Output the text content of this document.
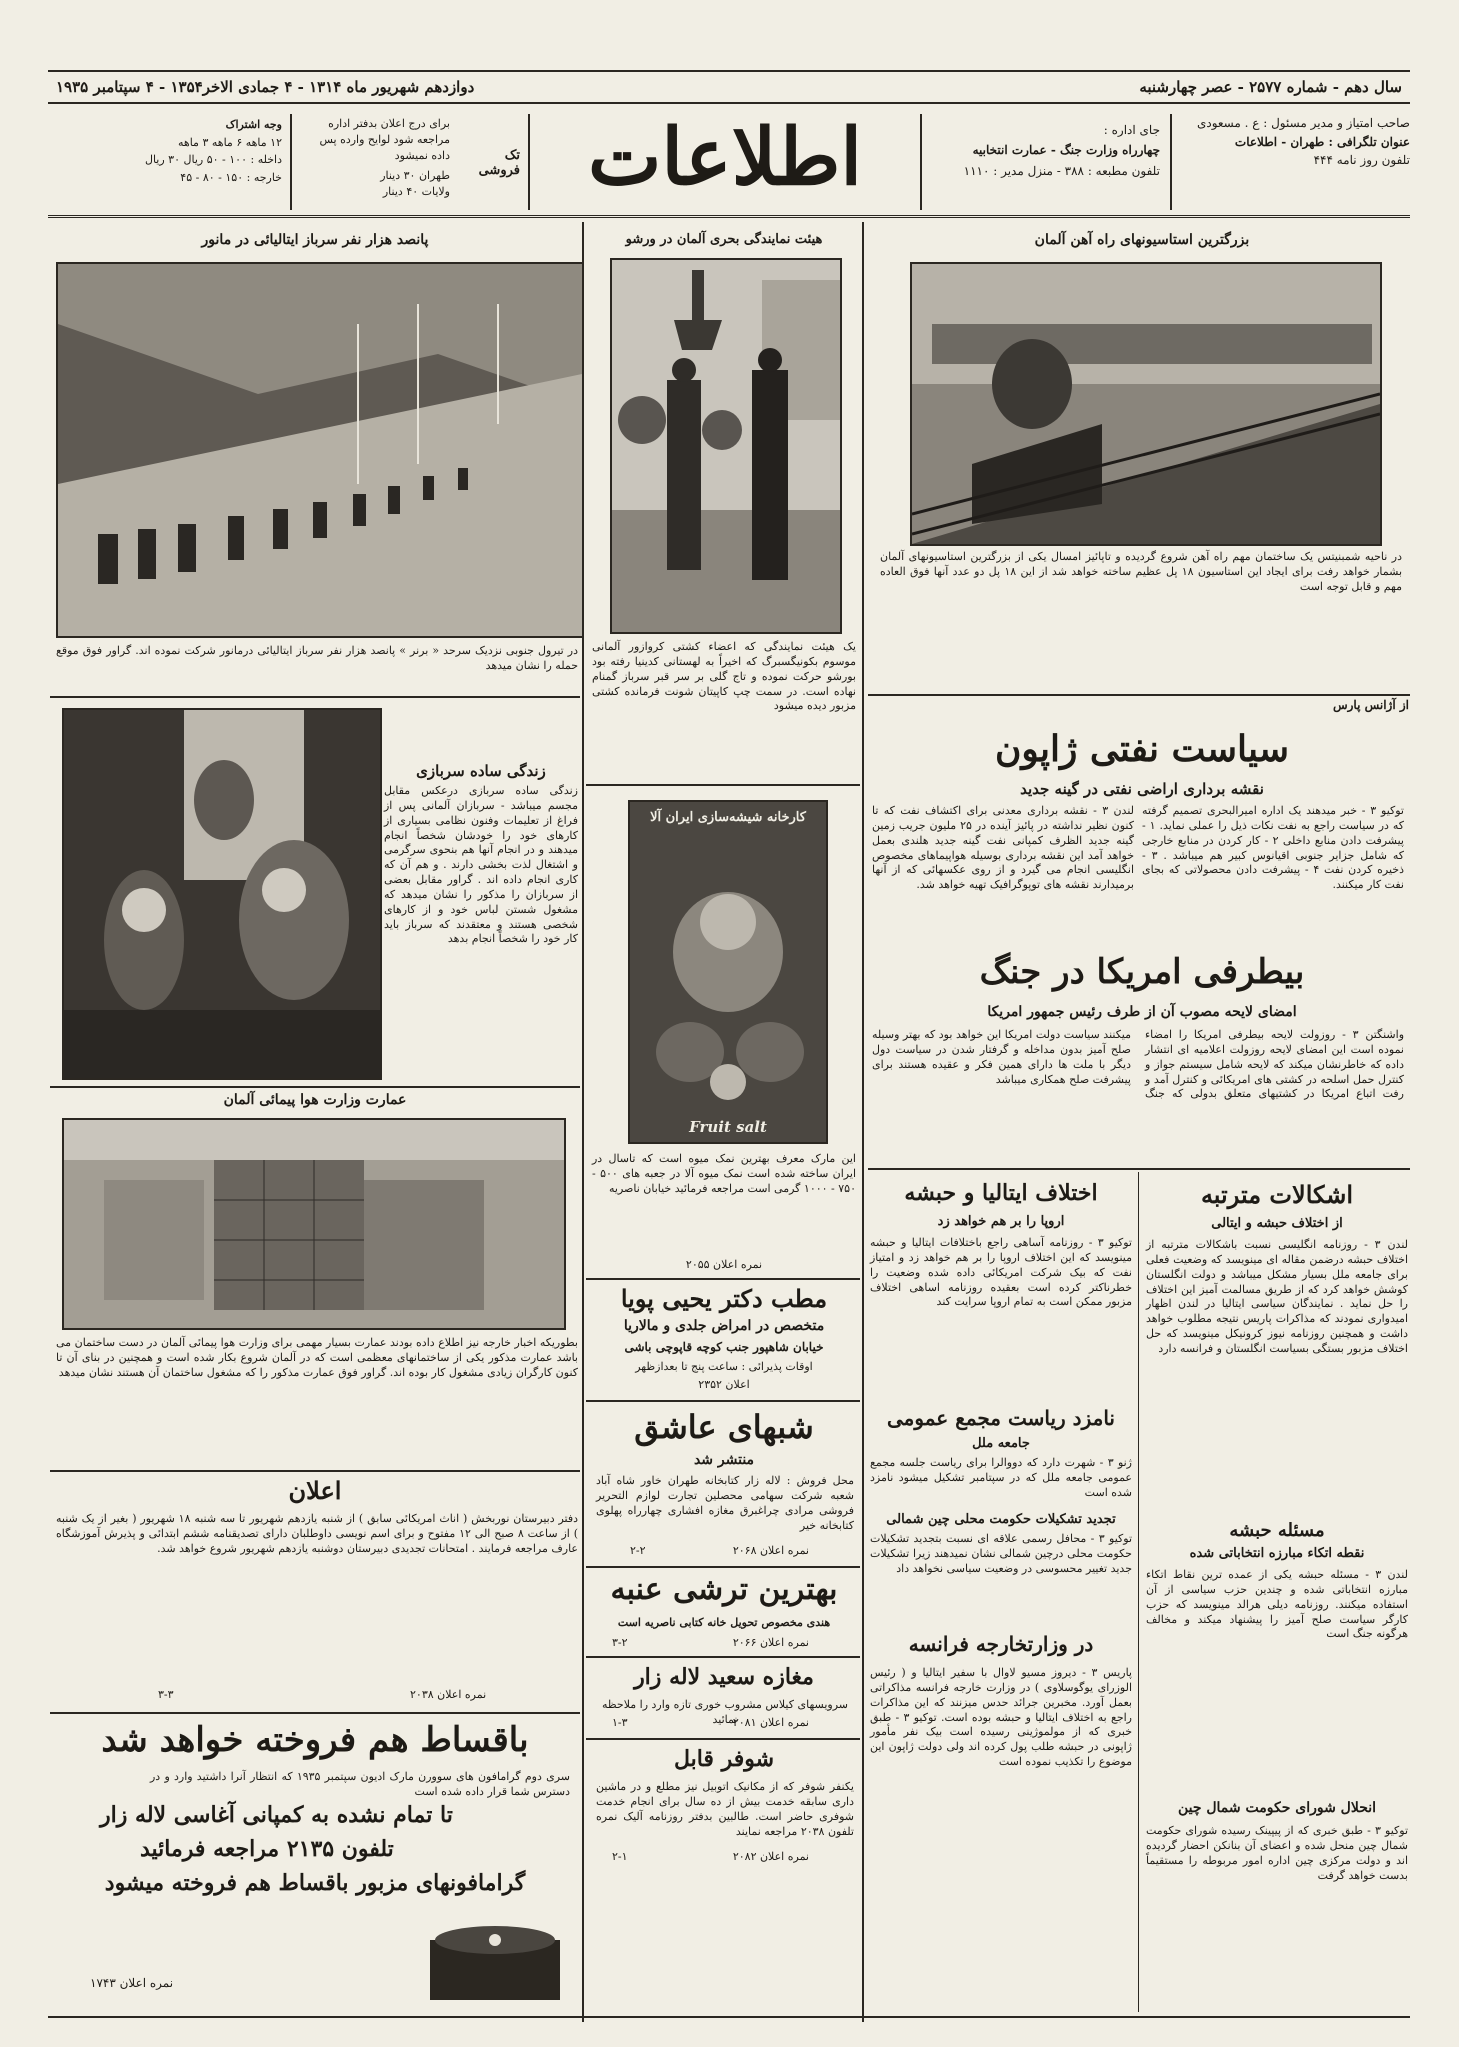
سال دهم - شماره ۲۵۷۷ - عصر چهارشنبه
دوازدهم شهریور ماه ۱۳۱۴ - ۴ جمادی الاخر۱۳۵۴ - ۴ سپتامبر ۱۹۳۵
صاحب امتیاز و مدیر مسئول : ع . مسعودی
عنوان تلگرافی : طهران - اطلاعات
تلفون روز نامه ۴۴۴
جای اداره :
چهارراه وزارت جنگ - عمارت انتخابیه
تلفون مطبعه : ۳۸۸ - منزل مدیر : ۱۱۱۰
اطلاعات
تک فروشی
برای درج اعلان بدفتر اداره مراجعه شود لوایح وارده پس داده نمیشود
طهران ۳۰ دینار
ولایات ۴۰ دینار
وجه اشتراک
۱۲ ماهه ۶ ماهه ۳ ماهه
داخله : ۱۰۰ - ۵۰ ریال ۳۰ ریال
خارجه : ۱۵۰ - ۸۰ - ۴۵
بزرگترین استاسیونهای راه آهن آلمان
در ناحیه شمبنیتس یک ساختمان مهم راه آهن شروع گردیده و تاپائیز امسال یکی از بزرگترین استاسیونهای آلمان بشمار خواهد رفت برای ایجاد این استاسیون ۱۸ پل عظیم ساخته خواهد شد از این ۱۸ پل دو عدد آنها فوق العاده مهم و قابل توجه است
از آژانس پارس
سیاست نفتی ژاپون
نقشه برداری اراضی نفتی در گینه جدید
توکیو ۳ - خبر میدهند یک اداره امیرالبحری تصمیم گرفته که در سیاست راجع به نفت نکات ذیل را عملی نماید. ۱ - پیشرفت دادن منابع داخلی ۲ - کار کردن در منابع خارجی که شامل جزایر جنوبی اقیانوس کبیر هم میباشد . ۳ - ذخیره کردن نفت ۴ - پیشرفت دادن محصولاتی که بجای نفت کار میکنند.
لندن ۳ - نقشه برداری معدنی برای اکتشاف نفت که تا کنون نظیر نداشته در پائیز آینده در ۲۵ ملیون جریب زمین گینه جدید الظرف کمپانی نفت گینه جدید هلندی بعمل خواهد آمد این نقشه برداری بوسیله هواپیماهای مخصوص انگلیسی انجام می گیرد و از روی عکسهائی که از آنها برمیدارند نقشه های توپوگرافیک تهیه خواهد شد.
بیطرفی امریکا در جنگ
امضای لایحه مصوب آن از طرف رئیس جمهور امریکا
واشنگتن ۳ - روزولت لایحه بیطرفی امریکا را امضاء نموده است این امضای لایحه روزولت اعلامیه ای انتشار داده که خاطرنشان میکند که لایحه شامل سیستم جواز و کنترل حمل اسلحه در کشتی های امریکائی و کنترل آمد و رفت اتباع امریکا در کشتیهای متعلق بدولی که جنگ میکنند سیاست دولت امریکا این خواهد بود که بهتر وسیله صلح آمیز بدون مداخله و گرفتار شدن در سیاست دول دیگر با ملت ها دارای همین فکر و عقیده هستند برای پیشرفت صلح همکاری میباشد
اشکالات مترتبه
از اختلاف حبشه و ایتالی
لندن ۳ - روزنامه انگلیسی نسبت باشکالات مترتبه از اختلاف حبشه درضمن مقاله ای مینویسد که وضعیت فعلی برای جامعه ملل بسیار مشکل میباشد و دولت انگلستان کوشش خواهد کرد که از طریق مسالمت آمیز این اختلاف را حل نماید . نمایندگان سیاسی ایتالیا در لندن اظهار امیدواری نمودند که مذاکرات پاریس نتیجه مطلوب خواهد داشت و همچنین روزنامه نیوز کرونیکل مینویسد که حل اختلاف مزبور بستگی بسیاست انگلستان و فرانسه دارد
مسئله حبشه
نقطه اتکاء مبارزه انتخاباتی شده
لندن ۳ - مسئله حبشه یکی از عمده ترین نقاط اتکاء مبارزه انتخاباتی شده و چندین حزب سیاسی از آن استفاده میکنند. روزنامه دیلی هرالد مینویسد که حزب کارگر سیاست صلح آمیز را پیشنهاد میکند و مخالف هرگونه جنگ است
انحلال شورای حکومت شمال چین
توکیو ۳ - طبق خبری که از پیپینک رسیده شورای حکومت شمال چین منحل شده و اعضای آن بنانکن احضار گردیده اند و دولت مرکزی چین اداره امور مربوطه را مستقیماً بدست خواهد گرفت
اختلاف ایتالیا و حبشه
اروپا را بر هم خواهد زد
توکیو ۳ - روزنامه آساهی راجع باختلافات ایتالیا و حبشه مینویسد که این اختلاف اروپا را بر هم خواهد زد و امتیاز نفت که بیک شرکت امریکائی داده شده وضعیت را خطرناکتر کرده است بعقیده روزنامه اساهی اختلاف مزبور ممکن است به تمام اروپا سرایت کند
نامزد ریاست مجمع عمومی
جامعه ملل
ژنو ۳ - شهرت دارد که دووالرا برای ریاست جلسه مجمع عمومی جامعه ملل که در سپتامبر تشکیل میشود نامزد شده است
تجدید تشکیلات حکومت محلی چین شمالی
توکیو ۳ - محافل رسمی علاقه ای نسبت بتجدید تشکیلات حکومت محلی درچین شمالی نشان نمیدهند زیرا تشکیلات جدید تغییر محسوسی در وضعیت سیاسی نخواهد داد
در وزارتخارجه فرانسه
پاریس ۳ - دیروز مسیو لاوال با سفیر ایتالیا و ( رئیس الوزرای یوگوسلاوی ) در وزارت خارجه فرانسه مذاکراتی بعمل آورد. مخبرین جرائد حدس میزنند که این مذاکرات راجع به اختلاف ایتالیا و حبشه بوده است. توکیو ۳ - طبق خبری که از مولموژینی رسیده است بیک نفر مأمور ژاپونی در حبشه طلب پول کرده اند ولی دولت ژاپون این موضوع را تکذیب نموده است
هیئت نمایندگی بحری آلمان در ورشو
یک هیئت نمایندگی که اعضاء کشتی کروازور آلمانی موسوم بکونیگسبرگ که اخیراً به لهستانی کدینیا رفته بود بورشو حرکت نموده و تاج گلی بر سر قبر سرباز گمنام نهاده است. در سمت چپ کاپیتان شونت فرمانده کشتی مزبور دیده میشود
کارخانه شیشه‌سازی ایران آلا
Fruit salt
این مارک معرف بهترین نمک میوه است که تاسال در ایران ساخته شده است نمک میوه آلا در جعبه های ۵۰۰ - ۷۵۰ - ۱۰۰۰ گرمی است مراجعه فرمائید خیابان ناصریه
نمره اعلان ۲۰۵۵
مطب دکتر یحیی پویا
متخصص در امراض جلدی و مالاریا
خیابان شاهپور جنب کوچه قاپوچی باشی
اوقات پذیرائی : ساعت پنج تا بعدازظهر
اعلان ۲۳۵۲
شبهای عاشق
منتشر شد
محل فروش : لاله زار کتابخانه طهران خاور شاه آباد شعبه شرکت سهامی محصلین تجارت لوازم التحریر فروشی مرادی چراغبرق مغازه افشاری چهارراه پهلوی کتابخانه خیر
نمره اعلان ۲۰۶۸
۲-۲
بهترین ترشی عنبه
هندی مخصوص تحویل خانه کتابی ناصریه است
نمره اعلان ۲۰۶۶
۳-۲
مغازه سعید لاله زار
سرویسهای کیلاس مشروب خوری تازه وارد را ملاحظه نمائید
نمره اعلان ۲۰۸۱
۱-۳
شوفر قابل
یکنفر شوفر که از مکانیک اتوبیل نیز مطلع و در ماشین داری سابقه خدمت بیش از ده سال برای انجام خدمت شوفری حاضر است. طالبین بدفتر روزنامه آلیک نمره تلفون ۲۰۳۸ مراجعه نمایند
نمره اعلان ۲۰۸۲
۲-۱
پانصد هزار نفر سرباز ایتالیائی در مانور
در تیرول جنوبی نزدیک سرحد « برنر » پانصد هزار نفر سرباز ایتالیائی درمانور شرکت نموده اند. گراور فوق موقع حمله را نشان میدهد
زندگی ساده سربازی
زندگی ساده سربازی درعکس مقابل مجسم میباشد - سربازان آلمانی پس از فراغ از تعلیمات وفنون نظامی بسیاری از کارهای خود را خودشان شخصاً انجام میدهند و در انجام آنها هم بنحوی سرگرمی و اشتغال لذت بخشی دارند . و هم آن که کاری انجام داده اند . گراور مقابل بعضی از سربازان را مذکور را نشان میدهد که مشغول شستن لباس خود و از کارهای شخصی هستند و معتقدند که سرباز باید کار خود را شخصاً انجام بدهد
عمارت وزارت هوا پیمائی آلمان
بطوریکه اخبار خارجه نیز اطلاع داده بودند عمارت بسیار مهمی برای وزارت هوا پیمائی آلمان در دست ساختمان می باشد عمارت مذکور یکی از ساختمانهای معظمی است که در آلمان شروع بکار شده است و همچنین در بنای آن تا کنون کارگران زیادی مشغول کار بوده اند. گراور فوق عمارت مذکور را که مشغول ساختمان آن هستند نشان میدهد
اعلان
دفتر دبیرستان نوربخش ( اناث امریکائی سابق ) از شنبه یازدهم شهریور تا سه شنبه ۱۸ شهریور ( بغیر از یک شنبه ) از ساعت ۸ صبح الی ۱۲ مفتوح و برای اسم نویسی داوطلبان دارای تصدیقنامه ششم ابتدائی و پذیرش آموزشگاه عارف مراجعه فرمایند . امتحانات تجدیدی دبیرستان دوشنبه یازدهم شهریور شروع خواهد شد.
نمره اعلان ۲۰۳۸
۳-۳
باقساط هم فروخته خواهد شد
سری دوم گرامافون های سوورن مارک ادیون سپتمبر ۱۹۳۵ که انتظار آنرا داشتید وارد و در دسترس شما قرار داده شده است
تا تمام نشده به کمپانی آغاسی لاله زار
تلفون ۲۱۳۵ مراجعه فرمائید
گرامافونهای مزبور باقساط هم فروخته میشود
نمره اعلان ۱۷۴۳
